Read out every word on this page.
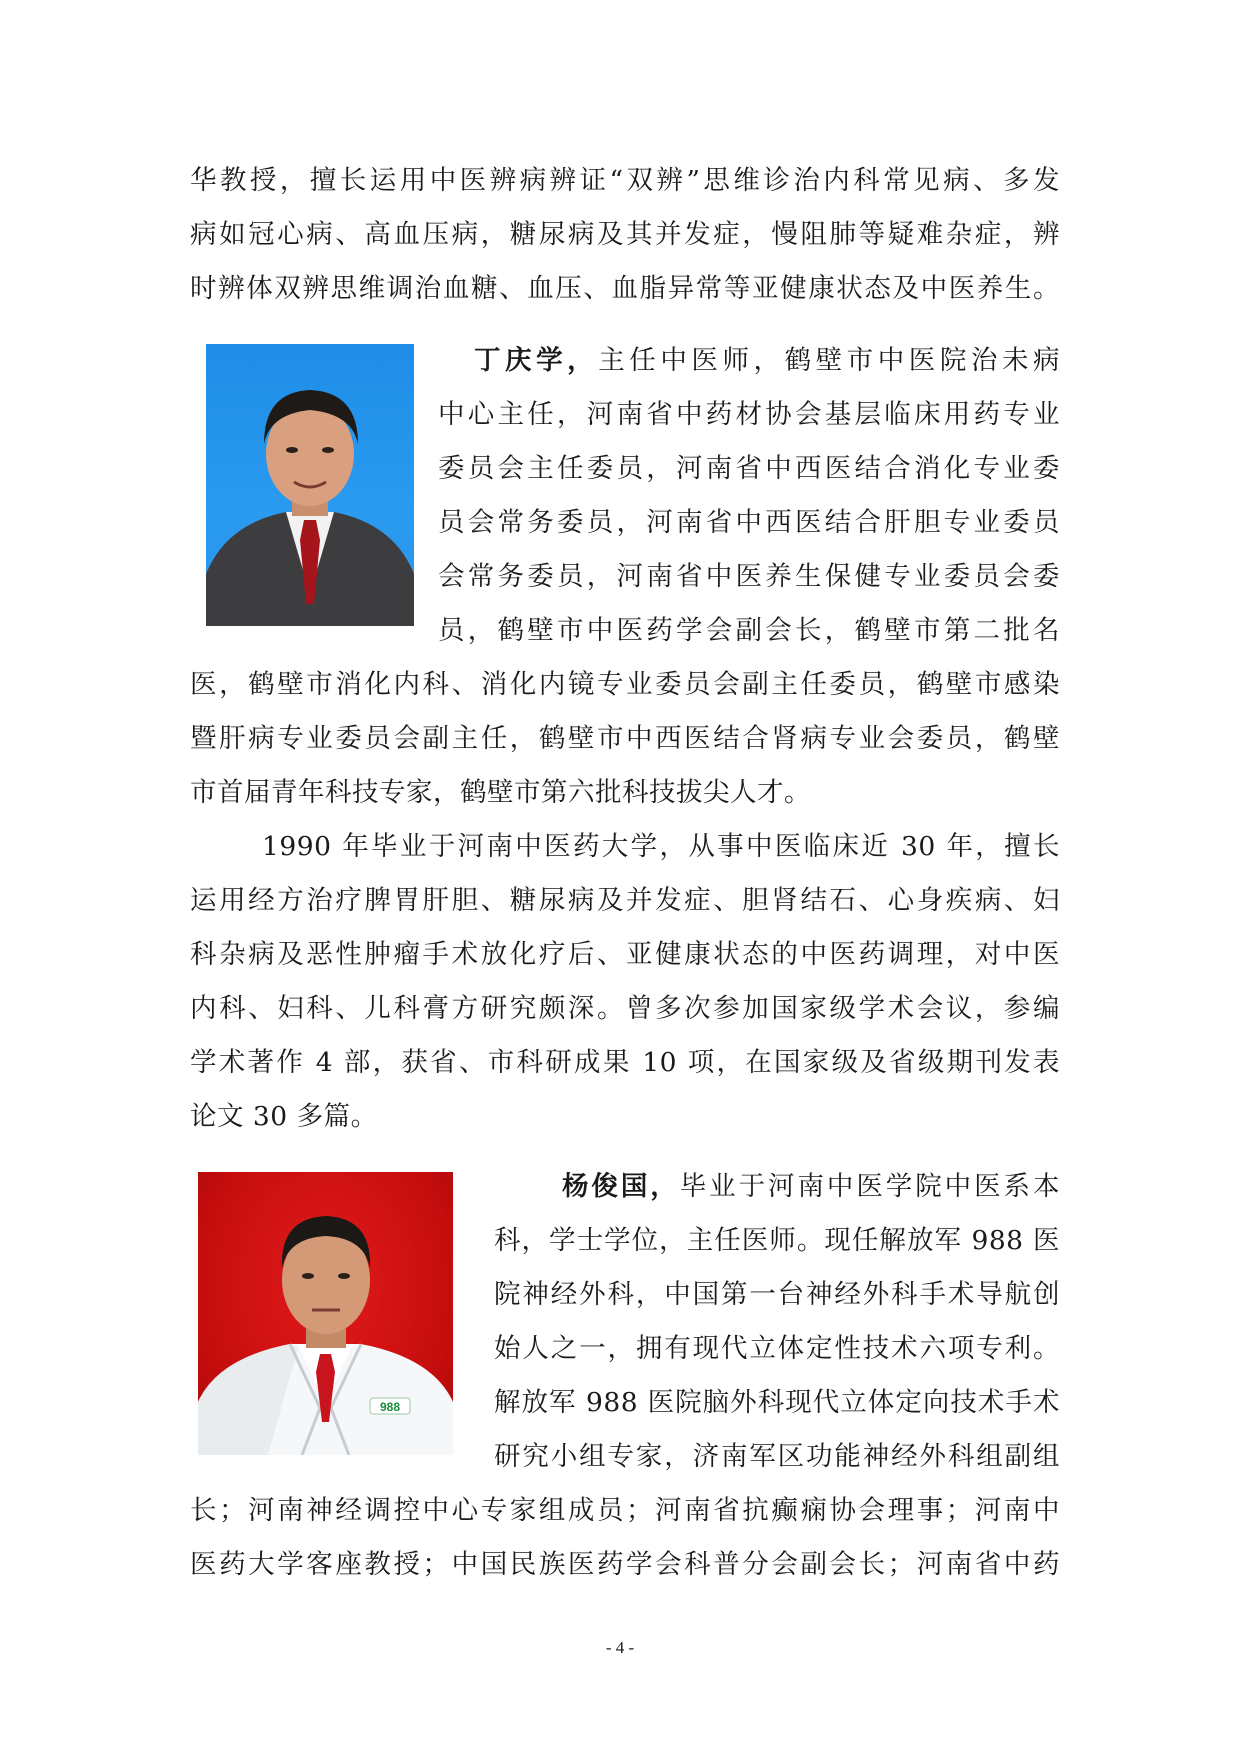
华教授，擅长运用中医辨病辨证“双辨”思维诊治内科常见病、多发
病如冠心病、高血压病，糖尿病及其并发症，慢阻肺等疑难杂症，辨
时辨体双辨思维调治血糖、血压、血脂异常等亚健康状态及中医养生。
丁庆学，主任中医师，鹤壁市中医院治未病
中心主任，河南省中药材协会基层临床用药专业
委员会主任委员，河南省中西医结合消化专业委
员会常务委员，河南省中西医结合肝胆专业委员
会常务委员，河南省中医养生保健专业委员会委
员，鹤壁市中医药学会副会长，鹤壁市第二批名
医，鹤壁市消化内科、消化内镜专业委员会副主任委员，鹤壁市感染
暨肝病专业委员会副主任，鹤壁市中西医结合肾病专业会委员，鹤壁
市首届青年科技专家，鹤壁市第六批科技拔尖人才。
1990 年毕业于河南中医药大学，从事中医临床近 30 年，擅长
运用经方治疗脾胃肝胆、糖尿病及并发症、胆肾结石、心身疾病、妇
科杂病及恶性肿瘤手术放化疗后、亚健康状态的中医药调理，对中医
内科、妇科、儿科膏方研究颇深。曾多次参加国家级学术会议，参编
学术著作 4 部，获省、市科研成果 10 项，在国家级及省级期刊发表
论文 30 多篇。
988
杨俊国，毕业于河南中医学院中医系本
科，学士学位，主任医师。现任解放军 988 医
院神经外科，中国第一台神经外科手术导航创
始人之一，拥有现代立体定性技术六项专利。
解放军 988 医院脑外科现代立体定向技术手术
研究小组专家，济南军区功能神经外科组副组
长；河南神经调控中心专家组成员；河南省抗癫痫协会理事；河南中
医药大学客座教授；中国民族医药学会科普分会副会长；河南省中药
- 4 -
